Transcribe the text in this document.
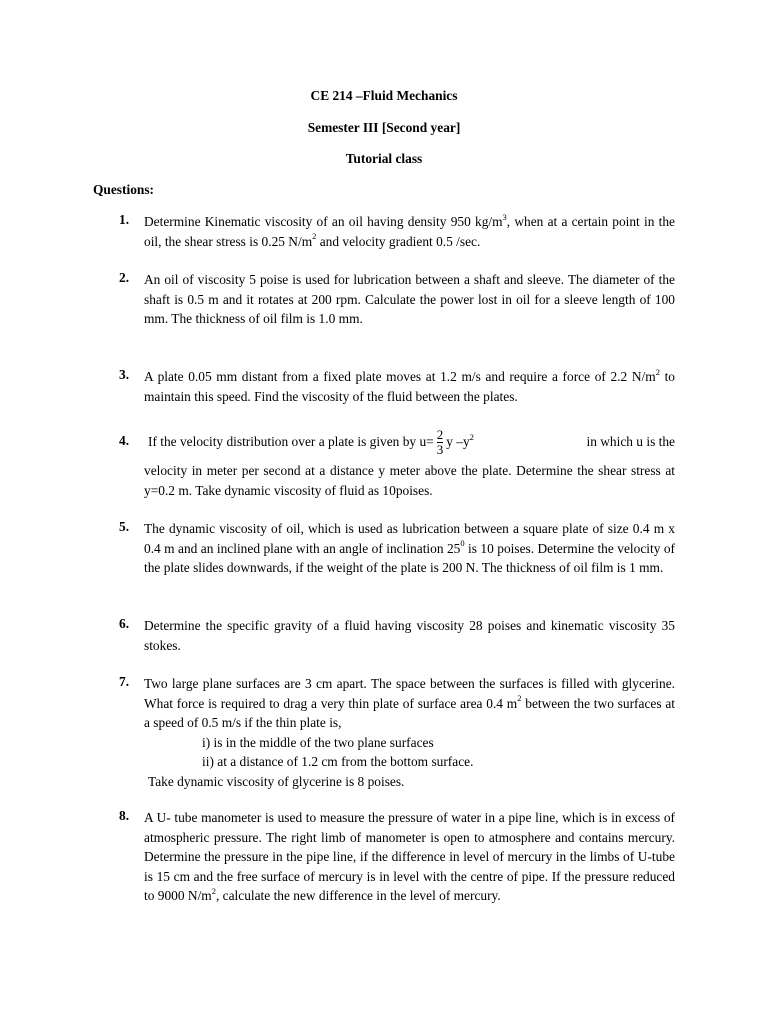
CE 214 –Fluid Mechanics
Semester III [Second year]
Tutorial class
Questions:
1. Determine Kinematic viscosity of an oil having density 950 $kg/m^3$, when at a certain point in the oil, the shear stress is 0.25 $N/m^2$ and velocity gradient 0.5 /sec.
2. An oil of viscosity 5 poise is used for lubrication between a shaft and sleeve. The diameter of the shaft is 0.5 m and it rotates at 200 rpm. Calculate the power lost in oil for a sleeve length of 100 mm. The thickness of oil film is 1.0 mm.
3. A plate 0.05 mm distant from a fixed plate moves at 1.2 m/s and require a force of 2.2 $N/m^2$ to maintain this speed. Find the viscosity of the fluid between the plates.
4. If the velocity distribution over a plate is given by $u= \frac{2}{3}$ y $-y^2$	in which u is the

velocity in meter per second at a distance y meter above the plate. Determine the shear stress at y=0.2 m. Take dynamic viscosity of fluid as 10poises.

5. The dynamic viscosity of oil, which is used as lubrication between a square plate of size 0.4 m x 0.4 m and an inclined plane with an angle of inclination $25^0$ is 10 poises. Determine the velocity of the plate slides downwards, if the weight of the plate is 200 N. The thickness of oil film is 1 mm.
6. Determine the specific gravity of a fluid having viscosity 28 poises and kinematic viscosity 35 stokes.
7. Two large plane surfaces are 3 cm apart. The space between the surfaces is filled with glycerine. What force is required to drag a very thin plate of surface area 0.4 $m^2$ between the two surfaces at a speed of 0.5 m/s if the thin plate is,

i) is in the middle of the two plane surfaces
ii) at a distance of 1.2 cm from the bottom surface.
Take dynamic viscosity of glycerine is 8 poises.
8. A U- tube manometer is used to measure the pressure of water in a pipe line, which is in excess of atmospheric pressure. The right limb of manometer is open to atmosphere and contains mercury. Determine the pressure in the pipe line, if the difference in level of mercury in the limbs of U-tube is 15 cm and the free surface of mercury is in level with the centre of pipe. If the pressure reduced to 9000 $N/m^2$, calculate the new difference in the level of mercury.
